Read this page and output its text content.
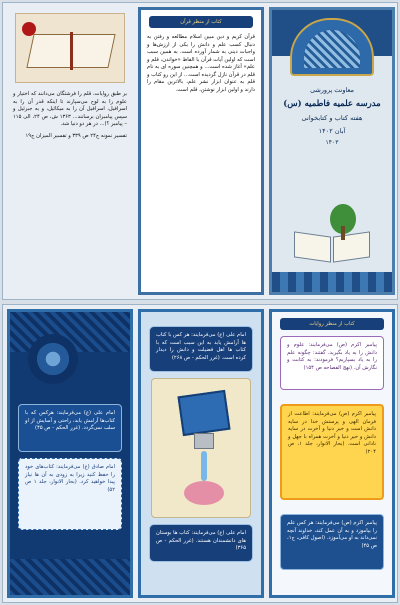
بر طبق روایات، قلم را فرشتگان می‌دانند که اختیار و علوم را به لوح می‌سپارند تا اینکه قدر آن را به اسرافیل، اسرافیل آن را به میکائیل، و به جبرئیل و سپس پیامبران برسانند... ۱۳۶۳ ش، ص ۲۴، الی ۱۱۵ – پیامبر ؟)... در هر دو دنیا شد.
تفسیر نمونه ج۲۴ ص ۳۳۹ و تفسیر المیزان ج۱۹
کتاب از منظر قرآن
قرآن کریم و دین مبین اسلام مطالعه و رفتن به دنبال کسب علم و دانش را یکی از ارزش‌ها و واجبات دینی به شمار آورده است. به همین سبب است که اولین آیات قرآن با الفاظ «خواندن، قلم و علم» آغاز شده است... و همچنین سوره ای به نام قلم در قرآن نازل گردیده است... از این رو کتاب و قلم به عنوان ابزار نشر علم، بالاترین مقام را دارند و اولین ابزار نوشتن، قلم است.	معاونت پرورشی
مدرسه علمیه فاطمیه (س)
هفته کتاب و کتابخوانی
آبان ۱۴۰۲
۱۴۰۳
امام علی (ع) می‌فرمایند: هرکس که با کتاب‌ها آرامش یابد، راحتی و آسایش از او سلب نمی‌گردد. (غرر الحکم - ص ۴۵)
امام صادق (ع) می‌فرمایند: کتاب‌های خود را حفظ کنید زیرا به زودی به آن ها نیاز پیدا خواهید کرد. (بحار الانوار، جلد ۱ ص ۵۲)
امام علی (ع) می‌فرمایند: هر کس با کتاب ها آرامش یابد به این سبب است که با کتاب ها اهل فضیلت و دانش را دیدار کرده است. (غرر الحکم - ص ۲۶۸)
امام علی (ع) می‌فرمایند: کتاب ها بوستان های دانشمندان هستند. (غرر الحکم - ص ۳۶۵)
کتاب از منظر روایات
پیامبر اکرم (ص) می‌فرمایند: علوم و دانش را به یاد بگیرید. گفتند: چگونه علم را به یاد بسپاریم؟ فرمودند: به کتابت و نگارش آن. (نهج الفصاحه ص ۱۵۴)
پیامبر اکرم (ص) می‌فرمایند: اطاعت از فرمان الهی و پرستش خدا در سایه دانش است و خیر دنیا و آخرت در سایه دانش و خیر دنیا و آخرت همراه با جهل و نادانی است. (بحار الانوار، جلد ۱، ص ۲۰۴)
پیامبر اکرم (ص) می‌فرمایند: هر کس علم را بیاموزد و به آن عمل کند، خداوند آنچه نمی‌داند به او می‌آموزد. (اصول کافی، ج۱، ص ۴۵)
